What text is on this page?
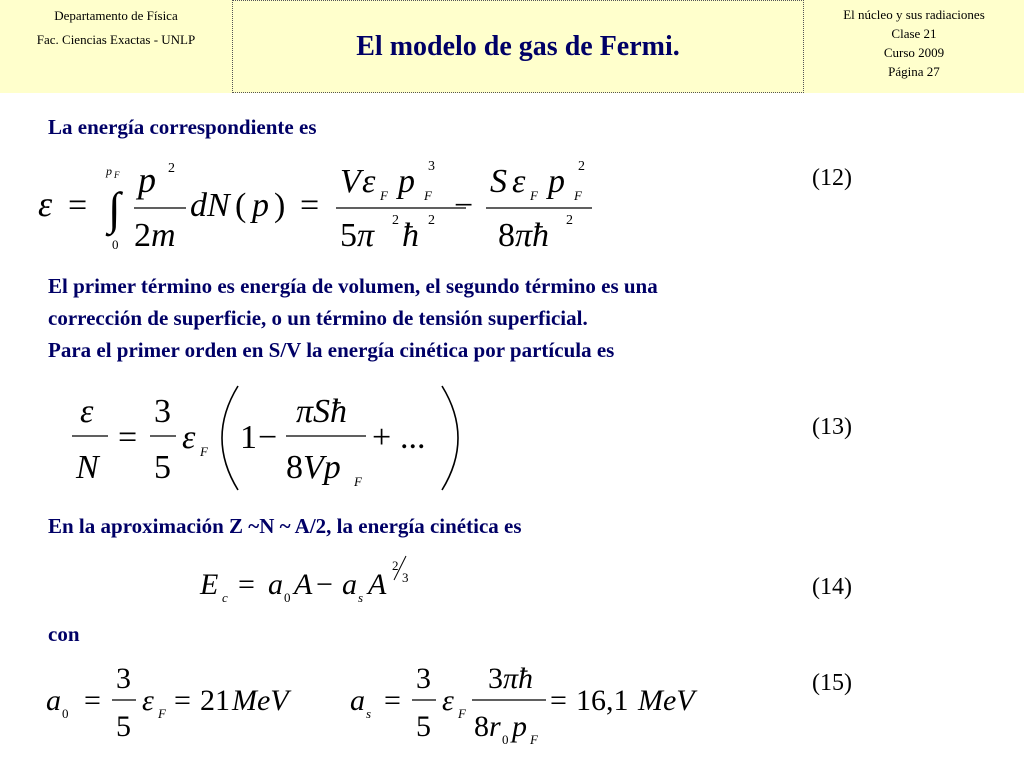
Departamento de Física
Fac. Ciencias Exactas - UNLP	El modelo de gas de Fermi.
El núcleo y sus radiaciones
Clase 21
Curso 2009
Página 27
La energía correspondiente es
ε = ∫
p F
0
p 2
2m
dN ( p ) =
V ε F p 3
F
5π 2 ħ 2 −
S ε F p 2
F
8πħ 2
(12)
El primer término es energía de volumen, el segundo término es una
corrección de superficie, o un término de tensión superficial.
Para el primer orden en S/V la energía cinética por partícula es
ε
N
=
3
5
ε F 1 −
πSħ
8Vp F
+ ...	(13)
En la aproximación Z ~N ~ A/2, la energía cinética es
E c = a 0 A − a s A
2
3	(14)
con
a 0 =
3
5
ε F = 21 MeV a s =
3
5
ε F
3πħ
8r 0 p F
= 16,1 MeV
(15)
